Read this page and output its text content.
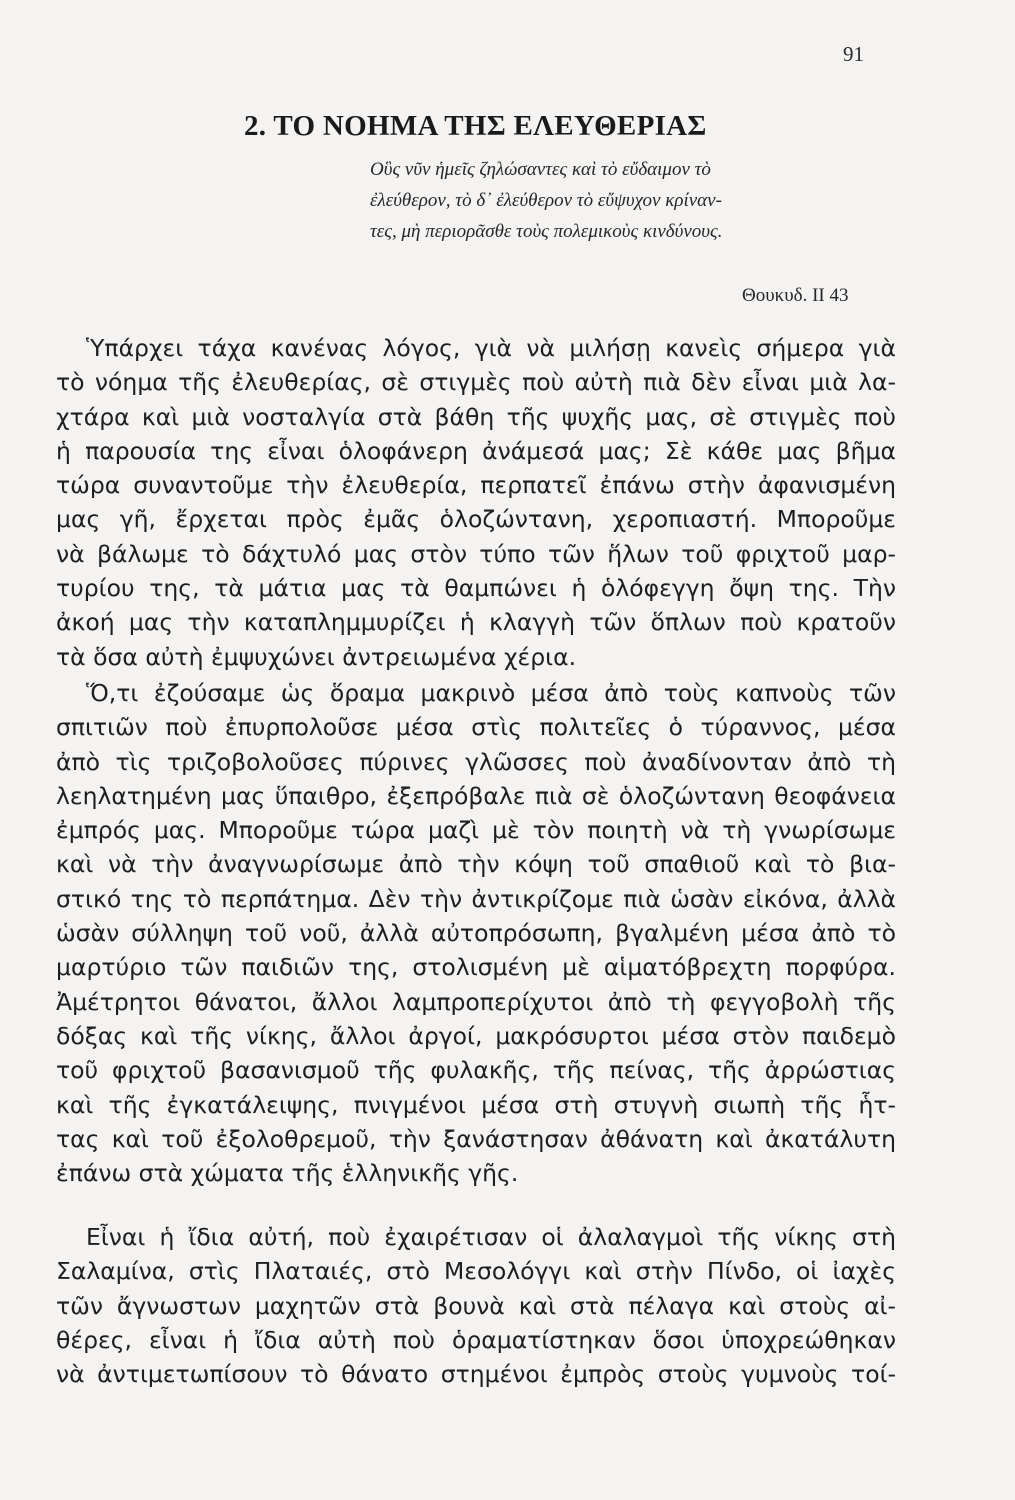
91
2. ΤΟ ΝΟΗΜΑ ΤΗΣ ΕΛΕΥΘΕΡΙΑΣ
Οὓς νῦν ἡμεῖς ζηλώσαντες καὶ τὸ εὔδαιμον τὸ
ἐλεύθερον, τὸ δ᾽ ἐλεύθερον τὸ εὔψυχον κρίναν-
τες, μὴ περιορᾶσθε τοὺς πολεμικοὺς κινδύνους.
Θουκυδ. II 43
Ὑπάρχει τάχα κανένας λόγος, γιὰ νὰ μιλήσῃ κανεὶς σήμερα γιὰ
τὸ νόημα τῆς ἐλευθερίας, σὲ στιγμὲς ποὺ αὐτὴ πιὰ δὲν εἶναι μιὰ λα-
χτάρα καὶ μιὰ νοσταλγία στὰ βάθη τῆς ψυχῆς μας, σὲ στιγμὲς ποὺ
ἡ παρουσία της εἶναι ὁλοφάνερη ἀνάμεσά μας; Σὲ κάθε μας βῆμα
τώρα συναντοῦμε τὴν ἐλευθερία, περπατεῖ ἐπάνω στὴν ἀφανισμένη
μας γῆ, ἔρχεται πρὸς ἐμᾶς ὁλοζώντανη, χεροπιαστή. Μποροῦμε
νὰ βάλωμε τὸ δάχτυλό μας στὸν τύπο τῶν ἥλων τοῦ φριχτοῦ μαρ-
τυρίου της, τὰ μάτια μας τὰ θαμπώνει ἡ ὁλόφεγγη ὄψη της. Τὴν
ἀκοή μας τὴν καταπλημμυρίζει ἡ κλαγγὴ τῶν ὅπλων ποὺ κρατοῦν
τὰ ὅσα αὐτὴ ἐμψυχώνει ἀντρειωμένα χέρια.
Ὅ,τι ἐζούσαμε ὡς ὅραμα μακρινὸ μέσα ἀπὸ τοὺς καπνοὺς τῶν
σπιτιῶν ποὺ ἐπυρπολοῦσε μέσα στὶς πολιτεῖες ὁ τύραννος, μέσα
ἀπὸ τὶς τριζοβολοῦσες πύρινες γλῶσσες ποὺ ἀναδίνονταν ἀπὸ τὴ
λεηλατημένη μας ὕπαιθρο, ἐξεπρόβαλε πιὰ σὲ ὁλοζώντανη θεοφάνεια
ἐμπρός μας. Μποροῦμε τώρα μαζὶ μὲ τὸν ποιητὴ νὰ τὴ γνωρίσωμε
καὶ νὰ τὴν ἀναγνωρίσωμε ἀπὸ τὴν κόψη τοῦ σπαθιοῦ καὶ τὸ βια-
στικό της τὸ περπάτημα. Δὲν τὴν ἀντικρίζομε πιὰ ὡσὰν εἰκόνα, ἀλλὰ
ὡσὰν σύλληψη τοῦ νοῦ, ἀλλὰ αὐτοπρόσωπη, βγαλμένη μέσα ἀπὸ τὸ
μαρτύριο τῶν παιδιῶν της, στολισμένη μὲ αἱματόβρεχτη πορφύρα.
Ἀμέτρητοι θάνατοι, ἄλλοι λαμπροπερίχυτοι ἀπὸ τὴ φεγγοβολὴ τῆς
δόξας καὶ τῆς νίκης, ἄλλοι ἀργοί, μακρόσυρτοι μέσα στὸν παιδεμὸ
τοῦ φριχτοῦ βασανισμοῦ τῆς φυλακῆς, τῆς πείνας, τῆς ἀρρώστιας
καὶ τῆς ἐγκατάλειψης, πνιγμένοι μέσα στὴ στυγνὴ σιωπὴ τῆς ἧτ-
τας καὶ τοῦ ἐξολοθρεμοῦ, τὴν ξανάστησαν ἀθάνατη καὶ ἀκατάλυτη
ἐπάνω στὰ χώματα τῆς ἑλληνικῆς γῆς.
Εἶναι ἡ ἴδια αὐτή, ποὺ ἐχαιρέτισαν οἱ ἀλαλαγμοὶ τῆς νίκης στὴ
Σαλαμίνα, στὶς Πλαταιές, στὸ Μεσολόγγι καὶ στὴν Πίνδο, οἱ ἰαχὲς
τῶν ἄγνωστων μαχητῶν στὰ βουνὰ καὶ στὰ πέλαγα καὶ στοὺς αἰ-
θέρες, εἶναι ἡ ἴδια αὐτὴ ποὺ ὁραματίστηκαν ὅσοι ὑποχρεώθηκαν
νὰ ἀντιμετωπίσουν τὸ θάνατο στημένοι ἐμπρὸς στοὺς γυμνοὺς τοί-
